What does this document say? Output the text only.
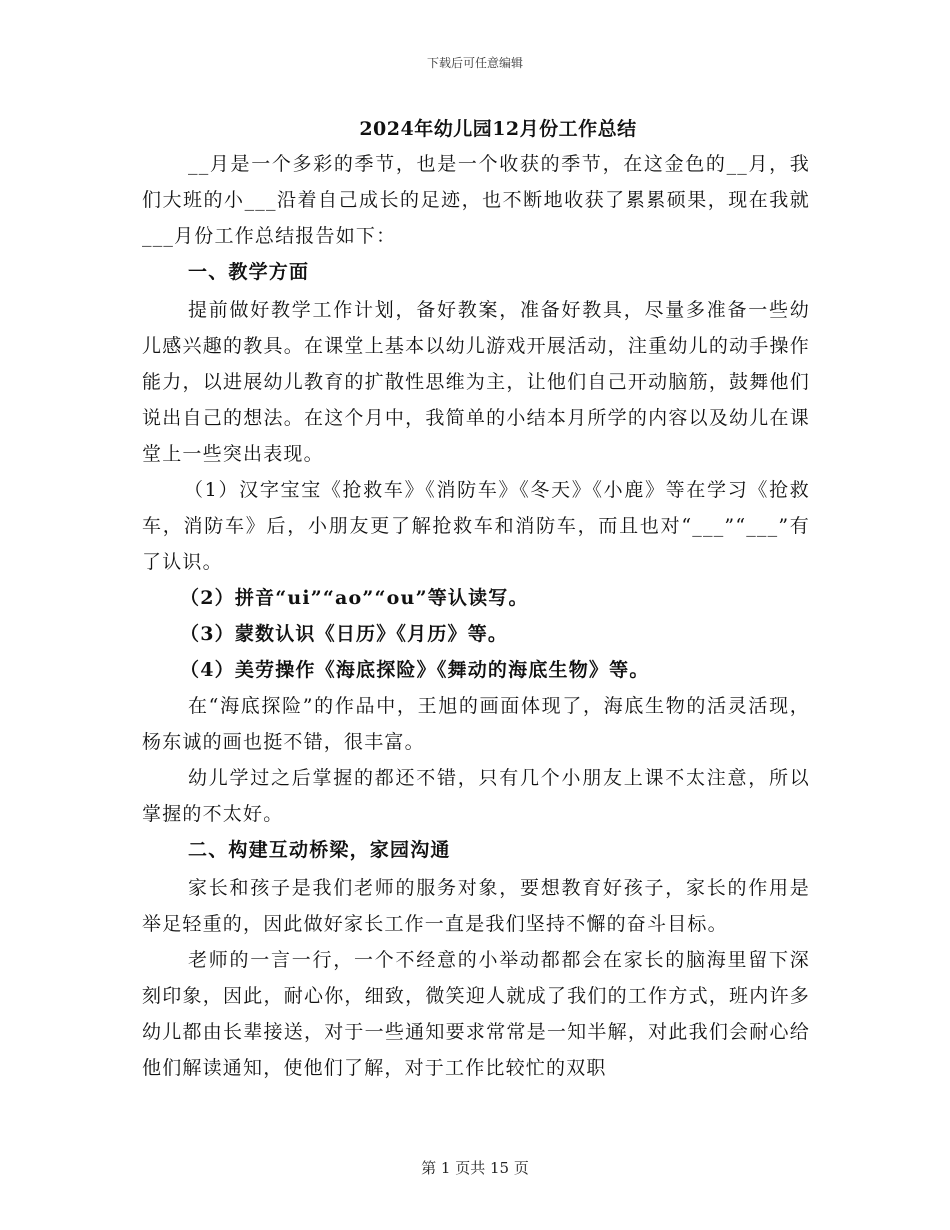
下载后可任意编辑
2024年幼儿园12月份工作总结

__月是一个多彩的季节，也是一个收获的季节，在这金色的__月，我们大班的小___沿着自己成长的足迹，也不断地收获了累累硕果，现在我就___月份工作总结报告如下：

一、教学方面

提前做好教学工作计划，备好教案，准备好教具，尽量多准备一些幼儿感兴趣的教具。在课堂上基本以幼儿游戏开展活动，注重幼儿的动手操作能力，以进展幼儿教育的扩散性思维为主，让他们自己开动脑筋，鼓舞他们说出自己的想法。在这个月中，我简单的小结本月所学的内容以及幼儿在课堂上一些突出表现。

（1）汉字宝宝《抢救车》《消防车》《冬天》《小鹿》等在学习《抢救车，消防车》后，小朋友更了解抢救车和消防车，而且也对“___”“___”有了认识。

（2）拼音“ui”“ao”“ou”等认读写。

（3）蒙数认识《日历》《月历》等。

（4）美劳操作《海底探险》《舞动的海底生物》等。

在“海底探险”的作品中，王旭的画面体现了，海底生物的活灵活现，杨东诚的画也挺不错，很丰富。

幼儿学过之后掌握的都还不错，只有几个小朋友上课不太注意，所以掌握的不太好。

二、构建互动桥梁，家园沟通

家长和孩子是我们老师的服务对象，要想教育好孩子，家长的作用是举足轻重的，因此做好家长工作一直是我们坚持不懈的奋斗目标。

老师的一言一行，一个不经意的小举动都都会在家长的脑海里留下深刻印象，因此，耐心你，细致，微笑迎人就成了我们的工作方式，班内许多幼儿都由长辈接送，对于一些通知要求常常是一知半解，对此我们会耐心给他们解读通知，使他们了解，对于工作比较忙的双职

第 1 页共 15 页
